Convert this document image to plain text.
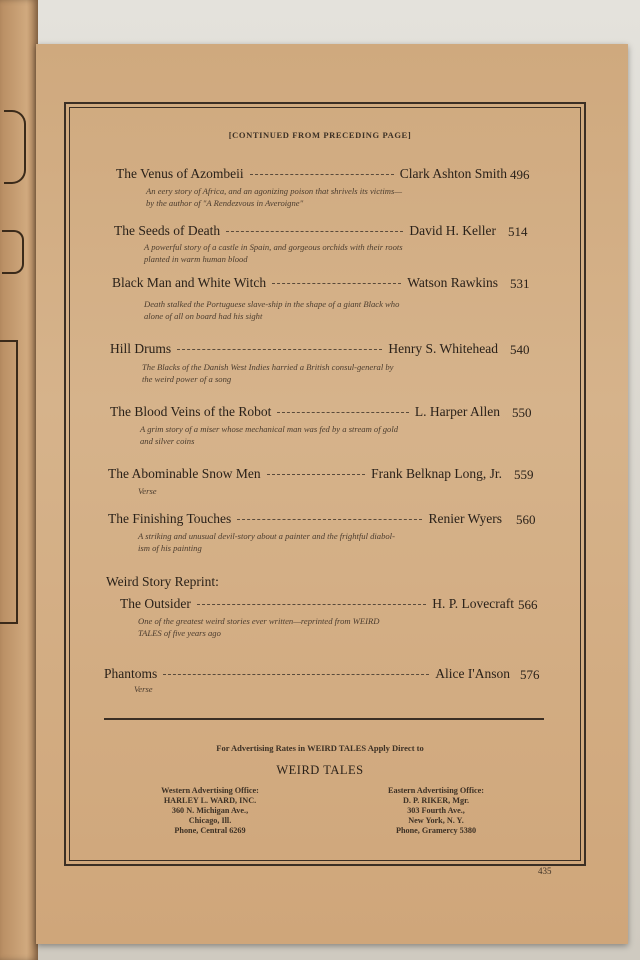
[CONTINUED FROM PRECEDING PAGE]
The Venus of Azombeii	Clark Ashton Smith 496
An eery story of Africa, and an agonizing poison that shrivels its victims—
by the author of "A Rendezvous in Averoigne"
The Seeds of Death	David H. Keller 514
A powerful story of a castle in Spain, and gorgeous orchids with their roots
planted in warm human blood
Black Man and White Witch	Watson Rawkins 531
Death stalked the Portuguese slave-ship in the shape of a giant Black who
alone of all on board had his sight
Hill Drums	Henry S. Whitehead 540
The Blacks of the Danish West Indies harried a British consul-general by
the weird power of a song
The Blood Veins of the Robot	L. Harper Allen 550
A grim story of a miser whose mechanical man was fed by a stream of gold
and silver coins
The Abominable Snow Men	Frank Belknap Long, Jr. 559
Verse
The Finishing Touches	Renier Wyers 560
A striking and unusual devil-story about a painter and the frightful diabol-
ism of his painting
Weird Story Reprint:
The Outsider	H. P. Lovecraft 566
One of the greatest weird stories ever written—reprinted from WEIRD
TALES of five years ago
Phantoms	Alice I'Anson 576
Verse
For Advertising Rates in WEIRD TALES Apply Direct to
WEIRD TALES
Western Advertising Office:
HARLEY L. WARD, INC.
360 N. Michigan Ave.,
Chicago, Ill.
Phone, Central 6269
Eastern Advertising Office:
D. P. RIKER, Mgr.
303 Fourth Ave.,
New York, N. Y.
Phone, Gramercy 5380
435
